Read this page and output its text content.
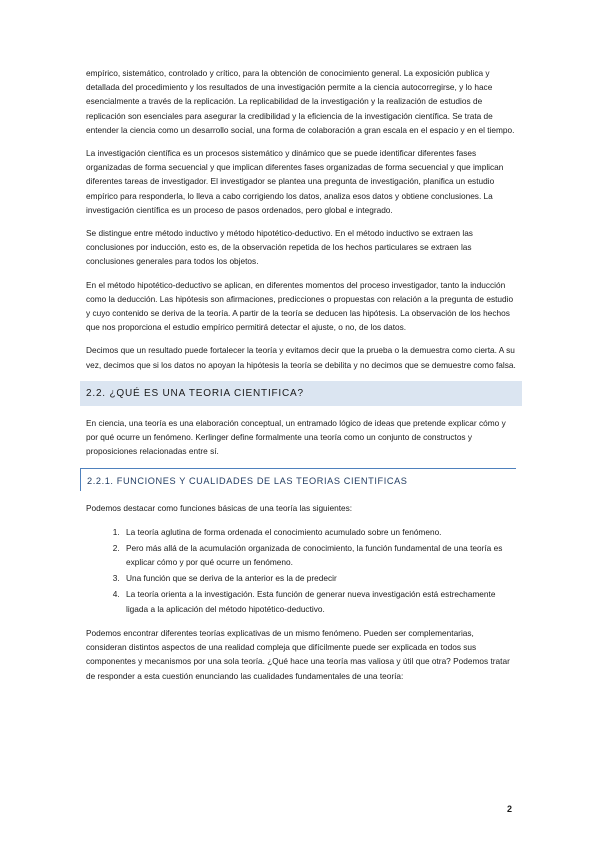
empírico, sistemático, controlado y crítico, para la obtención de conocimiento general. La exposición publica y detallada del procedimiento y los resultados de una investigación permite a la ciencia autocorregirse, y lo hace esencialmente a través de la replicación. La replicabilidad de la investigación y la realización de estudios de replicación son esenciales para asegurar la credibilidad y la eficiencia de la investigación científica. Se trata de entender la ciencia como un desarrollo social, una forma de colaboración a gran escala en el espacio y en el tiempo.

La investigación científica es un procesos sistemático y dinámico que se puede identificar diferentes fases organizadas de forma secuencial y que implican diferentes fases organizadas de forma secuencial y que implican diferentes tareas de investigador. El investigador se plantea una pregunta de investigación, planifica un estudio empírico para responderla, lo lleva a cabo corrigiendo los datos, analiza esos datos y obtiene conclusiones. La investigación científica es un proceso de pasos ordenados, pero global e integrado.

Se distingue entre método inductivo y método hipotético-deductivo. En el método inductivo se extraen las conclusiones por inducción, esto es, de la observación repetida de los hechos particulares se extraen las conclusiones generales para todos los objetos.

En el método hipotético-deductivo se aplican, en diferentes momentos del proceso investigador, tanto la inducción como la deducción. Las hipótesis son afirmaciones, predicciones o propuestas con relación a la pregunta de estudio y cuyo contenido se deriva de la teoría. A partir de la teoría se deducen las hipótesis. La observación de los hechos que nos proporciona el estudio empírico permitirá detectar el ajuste, o no, de los datos.

Decimos que un resultado puede fortalecer la teoría y evitamos decir que la prueba o la demuestra como cierta. A su vez, decimos que si los datos no apoyan la hipótesis la teoría se debilita y no decimos que se demuestre como falsa.

2.2. ¿QUÉ ES UNA TEORIA CIENTIFICA?

En ciencia, una teoría es una elaboración conceptual, un entramado lógico de ideas que pretende explicar cómo y por qué ocurre un fenómeno. Kerlinger define formalmente una teoría como un conjunto de constructos y proposiciones relacionadas entre sí.

2.2.1. FUNCIONES Y CUALIDADES DE LAS TEORIAS CIENTIFICAS

Podemos destacar como funciones básicas de una teoría las siguientes:

1. La teoría aglutina de forma ordenada el conocimiento acumulado sobre un fenómeno.
2. Pero más allá de la acumulación organizada de conocimiento, la función fundamental de una teoría es explicar cómo y por qué ocurre un fenómeno.
3. Una función que se deriva de la anterior es la de predecir
4. La teoría orienta a la investigación. Esta función de generar nueva investigación está estrechamente ligada a la aplicación del método hipotético-deductivo.

Podemos encontrar diferentes teorías explicativas de un mismo fenómeno. Pueden ser complementarias, consideran distintos aspectos de una realidad compleja que difícilmente puede ser explicada en todos sus componentes y mecanismos por una sola teoría. ¿Qué hace una teoría mas valiosa y útil que otra? Podemos tratar de responder a esta cuestión enunciando las cualidades fundamentales de una teoría:

2
